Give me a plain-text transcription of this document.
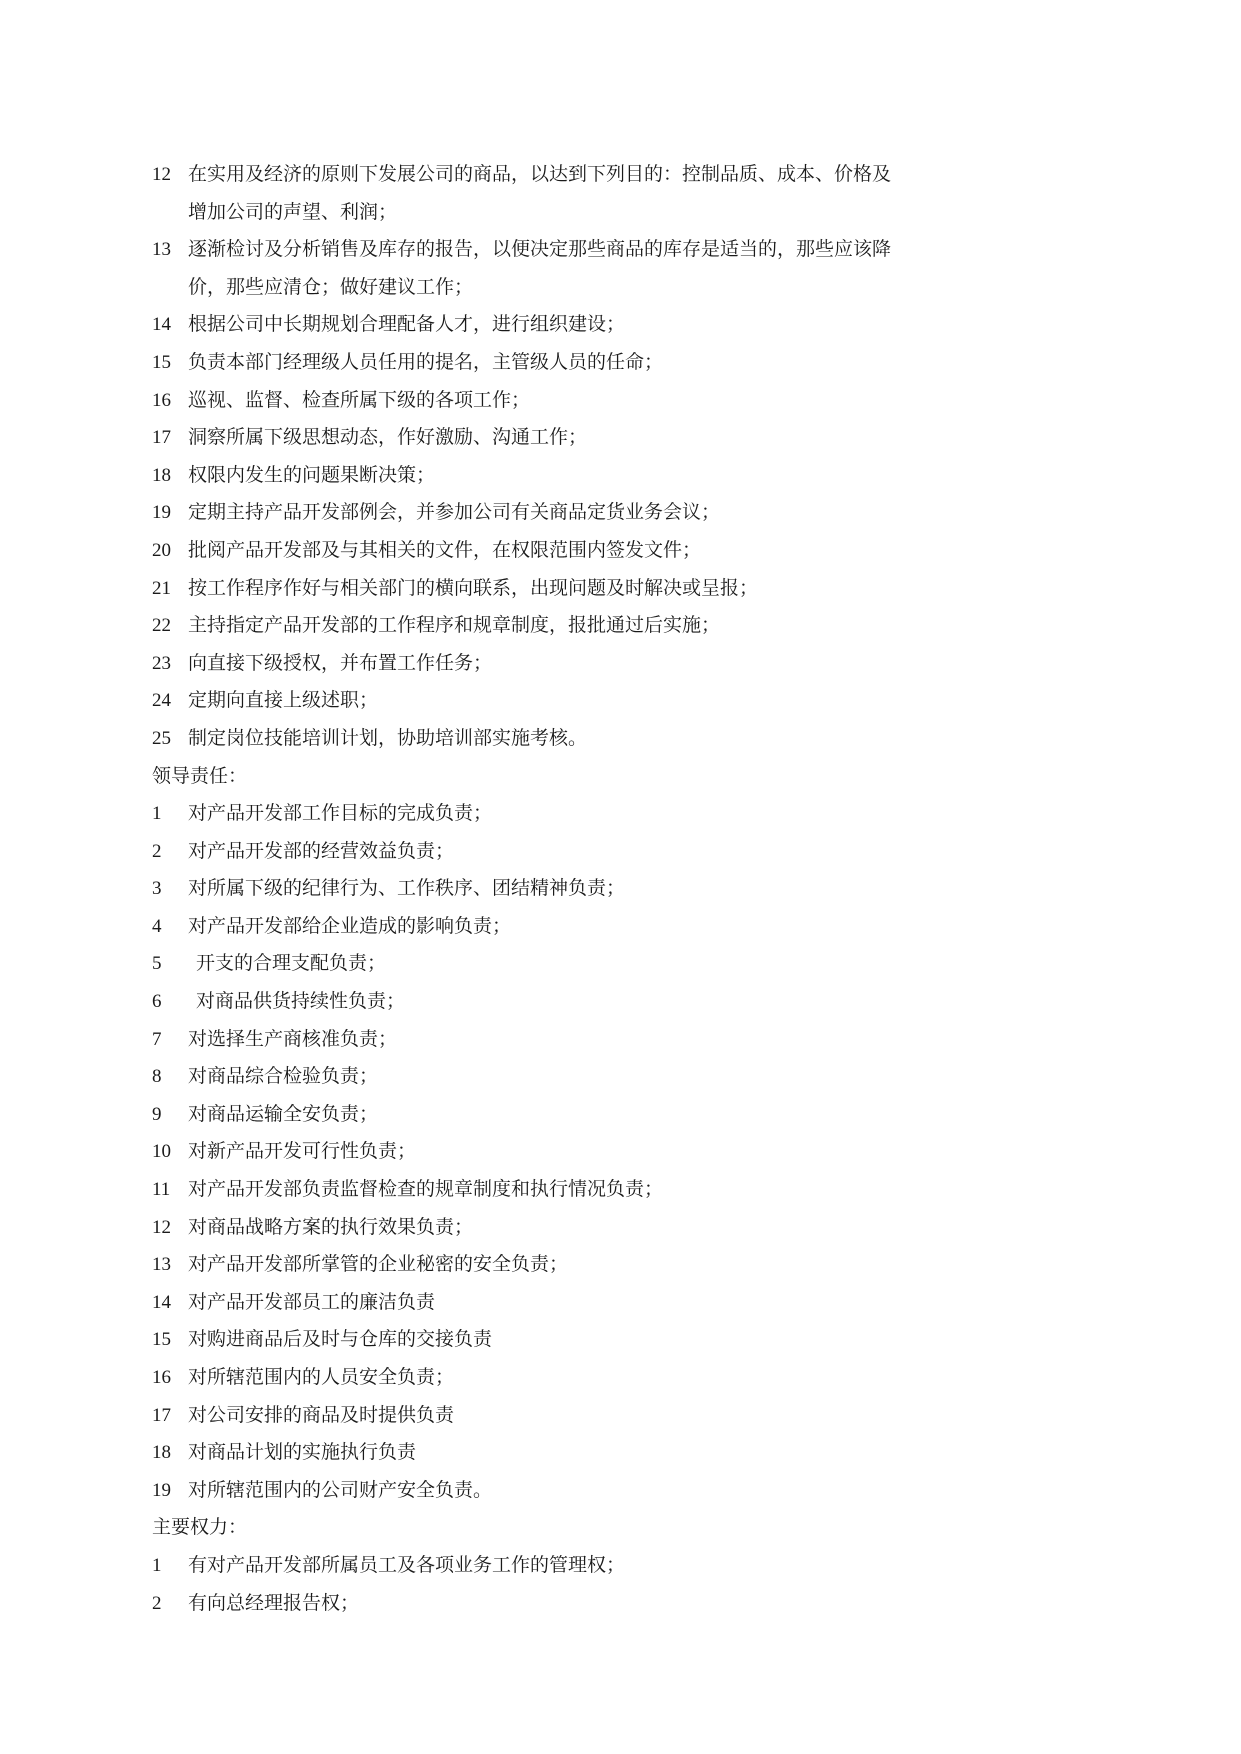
12 在实用及经济的原则下发展公司的商品，以达到下列目的：控制品质、成本、价格及
增加公司的声望、利润；
13 逐渐检讨及分析销售及库存的报告，以便决定那些商品的库存是适当的，那些应该降
价，那些应清仓；做好建议工作；
14 根据公司中长期规划合理配备人才，进行组织建设；
15 负责本部门经理级人员任用的提名，主管级人员的任命；
16 巡视、监督、检查所属下级的各项工作；
17 洞察所属下级思想动态，作好激励、沟通工作；
18 权限内发生的问题果断决策；
19 定期主持产品开发部例会，并参加公司有关商品定货业务会议；
20 批阅产品开发部及与其相关的文件，在权限范围内签发文件；
21 按工作程序作好与相关部门的横向联系，出现问题及时解决或呈报；
22 主持指定产品开发部的工作程序和规章制度，报批通过后实施；
23 向直接下级授权，并布置工作任务；
24 定期向直接上级述职；
25 制定岗位技能培训计划，协助培训部实施考核。
领导责任：
1 对产品开发部工作目标的完成负责；
2 对产品开发部的经营效益负责；
3 对所属下级的纪律行为、工作秩序、团结精神负责；
4 对产品开发部给企业造成的影响负责；
5 开支的合理支配负责；
6 对商品供货持续性负责；
7 对选择生产商核准负责；
8 对商品综合检验负责；
9 对商品运输全安负责；
10 对新产品开发可行性负责；
11 对产品开发部负责监督检查的规章制度和执行情况负责；
12 对商品战略方案的执行效果负责；
13 对产品开发部所掌管的企业秘密的安全负责；
14 对产品开发部员工的廉洁负责
15 对购进商品后及时与仓库的交接负责
16 对所辖范围内的人员安全负责；
17 对公司安排的商品及时提供负责
18 对商品计划的实施执行负责
19 对所辖范围内的公司财产安全负责。
主要权力：
1 有对产品开发部所属员工及各项业务工作的管理权；
2 有向总经理报告权；
